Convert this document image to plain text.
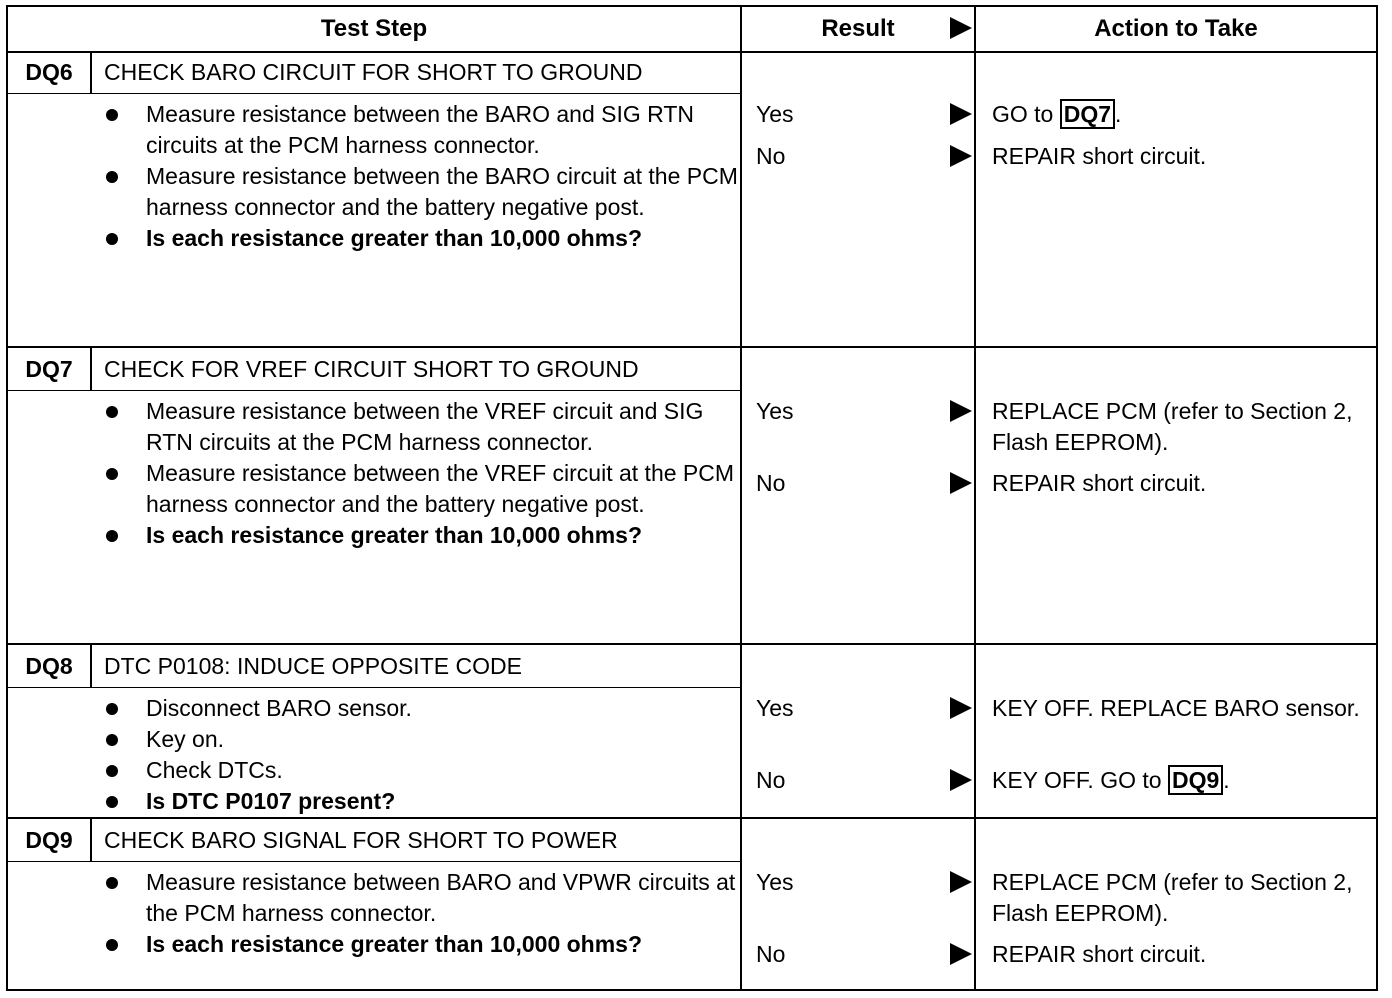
Test Step	Result	Action to Take
DQ6	CHECK BARO CIRCUIT FOR SHORT TO GROUND
Measure resistance between the BARO and SIG RTN circuits at the PCM harness connector.
Measure resistance between the BARO circuit at the PCM harness connector and the battery negative post.
Is each resistance greater than 10,000 ohms?
Yes	GO to DQ7 .
No	REPAIR short circuit.
DQ7	CHECK FOR VREF CIRCUIT SHORT TO GROUND
Measure resistance between the VREF circuit and SIG RTN circuits at the PCM harness connector.
Measure resistance between the VREF circuit at the PCM harness connector and the battery negative post.
Is each resistance greater than 10,000 ohms?
Yes	REPLACE PCM (refer to Section 2, Flash EEPROM).
No	REPAIR short circuit.
DQ8	DTC P0108: INDUCE OPPOSITE CODE
Disconnect BARO sensor.
Key on.
Check DTCs.
Is DTC P0107 present?
Yes	KEY OFF. REPLACE BARO sensor.
No	KEY OFF. GO to DQ9 .
DQ9	CHECK BARO SIGNAL FOR SHORT TO POWER
Measure resistance between BARO and VPWR circuits at the PCM harness connector.
Is each resistance greater than 10,000 ohms?
Yes	REPLACE PCM (refer to Section 2, Flash EEPROM).
No	REPAIR short circuit.
